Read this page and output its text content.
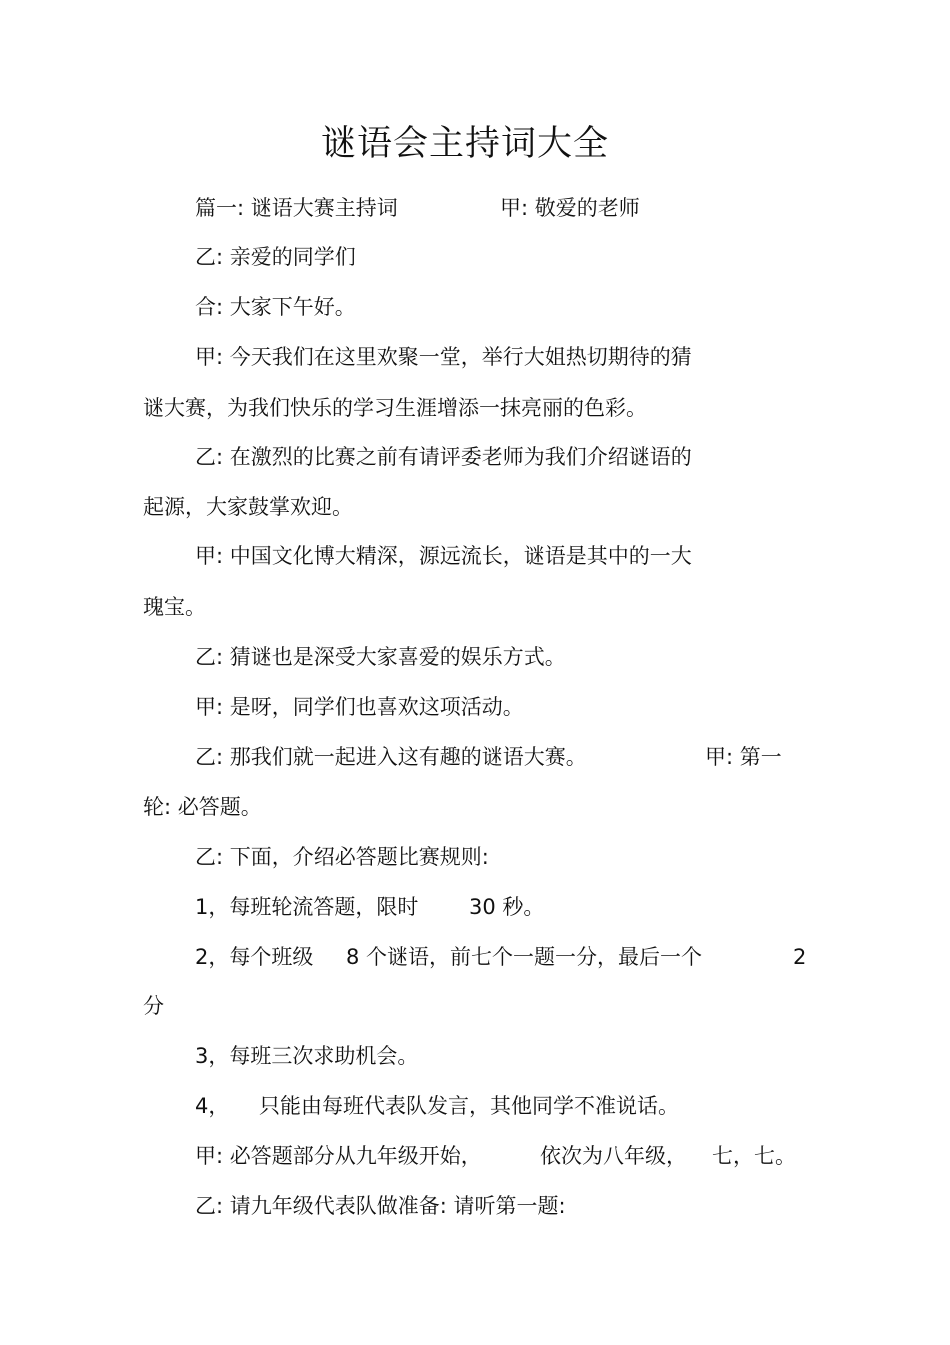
谜语会主持词大全

篇一: 谜语大赛主持词	甲: 敬爱的老师

乙: 亲爱的同学们

合: 大家下午好。

甲: 今天我们在这里欢聚一堂，举行大姐热切期待的猜

谜大赛，为我们快乐的学习生涯增添一抹亮丽的色彩。

乙: 在激烈的比赛之前有请评委老师为我们介绍谜语的

起源，大家鼓掌欢迎。

甲: 中国文化博大精深，源远流长，谜语是其中的一大

瑰宝。

乙: 猜谜也是深受大家喜爱的娱乐方式。

甲: 是呀，同学们也喜欢这项活动。

乙: 那我们就一起进入这有趣的谜语大赛。	甲: 第一

轮: 必答题。

乙: 下面，介绍必答题比赛规则:

1，每班轮流答题，限时 30 秒。

2，每个班级 8 个谜语，前七个一题一分，最后一个	2

分

3，每班三次求助机会。

4， 只能由每班代表队发言，其他同学不准说话。

甲: 必答题部分从九年级开始，	依次为八年级， 七，七。

乙: 请九年级代表队做准备: 请听第一题:
